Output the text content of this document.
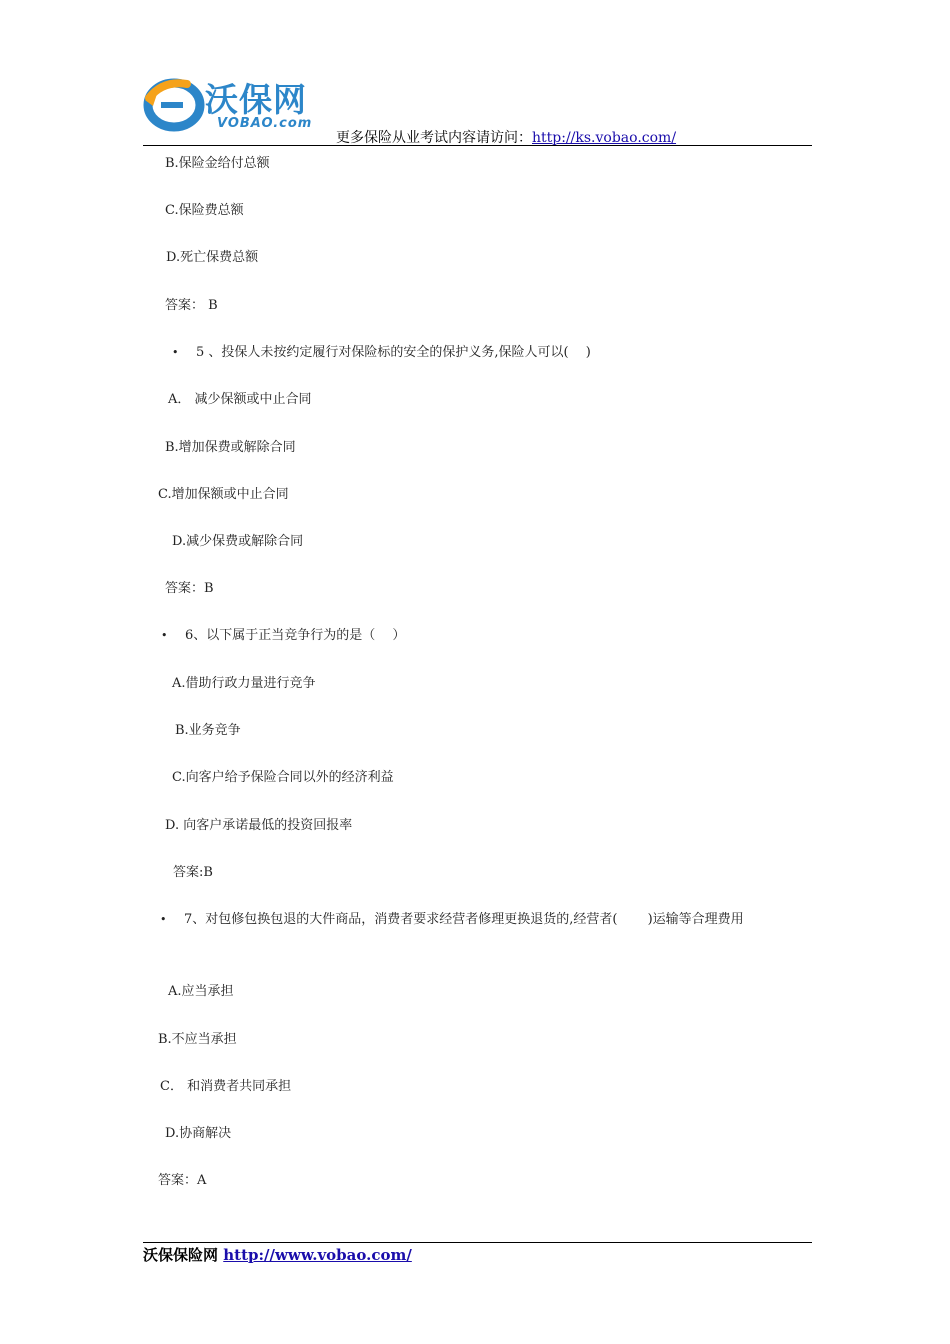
沃保网
VOBAO.com
更多保险从业考试内容请访问：http://ks.vobao.com/
B.保险金给付总额
C.保险费总额
D.死亡保费总额
答案： B
• 5 、投保人未按约定履行对保险标的安全的保护义务,保险人可以(　 )
A． 减少保额或中止合同
B.增加保费或解除合同
C.增加保额或中止合同
D.减少保费或解除合同
答案：B
• 6、以下属于正当竞争行为的是（　 ）
A.借助行政力量进行竞争
B.业务竞争
C.向客户给予保险合同以外的经济利益
D. 向客户承诺最低的投资回报率
答案:B
• 7、对包修包换包退的大件商品，消费者要求经营者修理更换退货的,经营者(　　 )运输等合理费用
A.应当承担
B.不应当承担
C． 和消费者共同承担
D.协商解决
答案：A
沃保保险网 http://www.vobao.com/
